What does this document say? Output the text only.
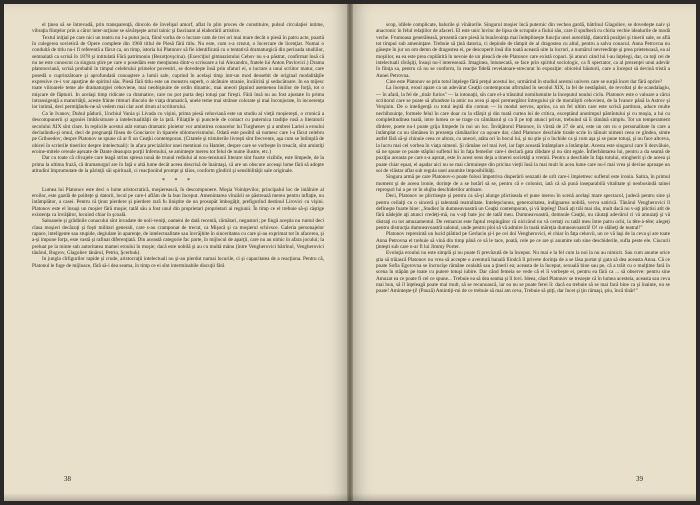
el ţinea să se întrevadă, prin transparenţă, dincolo de învelişul amorf, aflat în plin proces de constituire, pulsul circulaţiei intime, vibraţia fiinţelor prin a căror inter-acţiune se săvârşeşte actul tainic şi fascinant al elaborării artistice.

Textul iniţial pe care nici un teatru nu l-a putut juca, fiind vorba de o lucrare cam de trei ori mai mare decât o piesă în patru acte, poartă în culegerea sovietică de Opere complete din 1960 titlul de Piesă fără titlu. Nu este, cum s-a crezut, o încercare de licenţiat. Numai o conduită de titlu nu-i fi referentă a făcut ca, un timp, istoria lui Platonov să fie identificată cu o tentativă dramaturgică din perioada studiilor, semnalată ca scrisă în 1878 şi intitulată Fără patrimoniu (Bezotţovşcina). (Exerciţiul gimnazistului Cehov nu s-a păstrat, confirmat însă că nu ne este cunoscut ca singura ştire pe care o posedăm este menţiunea dintr-o scrisoare a lui Alexandru, fratele lui Anton Pavlovici.) Drama platonoviană, scrisă probabil în timpul celebrului primelor povestiri, se dovedeşte însă prin sfaturi ei, o lucrare a unui scriitor matur, care posedă o cuprinzătoare şi aprofundată cunoaştere a lumii sale, cuprind în acelaşi timp intr-un mod deosebit de original modalităţile expresive ce-i vor aparţine de spiritul său. Piesă fără titlu este un monstru superb, o alcătuire stranie, încâlcită şi seducătoare. In ea mijesc toate viitoarele teme ale dramaturgiei cehoviene, mai neobişnuite de ordin dinamic, mai uneori ţâşnind asemenea liniilor de forţă, tot o mişcare de făptuiri. In acelaşi timp ridicate ca dramatice, care nu pot purta deşi totuşi par fireşti. Fără însă nu au fost ajustate în prima intransigenţă a maturităţii, aceste frânte ritmuri dincolo de viaţa dramatică, unele teme mai strânse colorate şi mai înconjurate, în incoerenţa lor intimă, deci permiţându-ne să vedem mai clar acel drum al scriitorului.

Ca în Ivanov, Duhul pădurii, Unchiul Vania şi Livada cu vişini, prima piesă cehoviană este un studiu al vieţii moşiereşti, o cronică a descompunerii şi agoniei îmbâcsitoare a intelectualităţii de la ţară. Filiaţiile şi punctele de contact cu puternica tradiţie rusă a literaturii secolului XIX sînt clare. In replicile acestui atât roman dramatic ploietor vor amintirea conacelor lui Turghenev şi a umbrei Lariei a eroului declarându-şi omul, deci de pregnanţă fiisea de Gonciarov în tiparele oblomovismului. Odată este posibil să numesc care l-a făcut celebru pe Griboedov; despre Platonov se spune că ar fi un Ceaţki contemporan. (Citatele şi trimiterile livreşti sînt frecvente, aşa cum se întîmplă de obicei în scrierile tinerilor despre intelectuali): în afara precizărilor unei mentiuni cu Hamlet, despre care se vorbeşte în treacăt, sînt amintiţi eroine-mitele cereale aşezate de Dante deasupra porţii Infernului, se aminteşte mereu tot felul de nume ilustre, etc.)

Dar cu toate că clivajele care leagă strins spresa nouă de trunul rediului al nou-tensiunii literare sînt foarte vizibile, este limpede, de la prima la ultima frază, că dramaturgul are în faţă o altă lume decât aceea descrisă de înaintaşi, că are un obscure acceaşi lume fără să adopte atitudini împrumutate de la părinţii săi spirituali, ci reacţionînd prompt şi tăios, conform gîndirii şi sensibilităţii sale originale.

* * *

Lumea lui Platonov este deci o lume aristocratică, moşierească, în descompunere. Moşia Voinițevilor, principalul loc de intâlnire al eroilor, este gazdă de politeţe şi datorii, locul pe care-l aflăm de la bun început. Amenintarea vînzării se păstrează mereu pentru inflaţie, nu întâmplător, a casei. Pentru că ţinut pierdere şi pierdere rară fu liniştite de un prosopăt îmbogăţit, prefigurînd destinul Lirovici cu vişini. Platonov este el însuşi un moşier fără moşie; tatăl său a fost unul din proprietari proprietari ai regiunii. În timp ce el trebuie să-şi câştige existenţa ca învăţător, locuind chiar în şcoală.

Saloanele şi grădinile conacului sînt invadate de noii-veniţi, oameni de dată recentă, cămătari, negustori; pe fingă aceştia nu runtul deci clasa moşieri decăzuţi şi foşti militari generali, care s-au cramponat de trecut, ca Mişorâ şi ca moşierul schivsce. Galeria personajelor rapace, inteligente sau stupide, degiulate în aparenţe, de intelectualitate sau învrăjbite în sinceritatea cu care şi-au exprimat tot în afacerea, şi a-şi impune forţa, este vastă şi rafinat diferenţiată. Din această categorie fac parte, în mijlocul de aparţii, care nu au nimic în afara jocului; la preluat pe la minte sub autoritatea mamei eroului în moşie; dacă este nobilă şi au cu multă mânu (între Vengherovici bătrînul, Vengherovici tânărul, Bugrov, Glagoliev tânărul, Petrin, Şcerbuk).

In jungla cîrligurilor rapide şi crude, aristocraţii intelectuali nu şi-au pierdut numai locurile, ci şi capacitatea de a reacţiona. Pentru că, Platonul le fuge de mijloace, fără să-i dea seama, în timp ce ei sînt interminabile discuţii fără

38

scop, idilele complicate, balurile şi vînătorile. Singurul moşier încă puternic din vechea gardă, bătrînul Glagoliev, se dovedeşte naiv şi anacronic în felul relaţiilor de afaceri. El este unic învinc de lipsa de scrupule a fiului său, care îl spulberă cu chiria vechie idealurile de modă veche. Frumoasa generăleasă, prezentă care piesă la bunăvoinţa mai îndeplinește funcţia unei autorităţi, datorită poziţiei şi tinerii sale, se află tot timpul sub ameninţare. Trebuie să ţină datoria, ci depinde de tâmpit de al dragostea cu altul, pentru a salva conacul. Anna Petrovna nu găseşte în jur un om demn de dragostea ei, pe descoperit însă din toată această uite la lucruri, a numărul nevreedinţe şi prea prietenoasă, ea al moşiilor, ea ea este prea copilărită în nevoie de un pleacă de ele Platonov care există copaci. Şi atunci când lui l-au înţelegi, dar, ca toţi cei de intelectuali răvăşiţi, însuşi nu-l interesează. Imaginea, întunecată, se face prin spiritul sociologic, ca fi spectator, ca al prezenţei unui adevăr în fiinţa sa, pentru că nu se conform, în reacţie fidelă revelatoare-strecurat în expoziţie: obiceiul băuturii, care a început să devină tristă a Annei Petrovna.

Cine este Platonov se prin totul înţelege fără preţul acestui loc, urmărind în studiul acestui univers care se surpă încet dar fără oprire?

La început, eroul apare ca un adevărat Ceaţki contemporan afirmând în secolul XIX, la fel de nestăpânit, de revoltat şi de scandalagiu, — în afară, la fel de „tinăr furios" — la intonaţii, sîn care el-a trăsnitul nomilumnite la începutul noului ciclu. Platonov este o valoare a cărui scriitorul care se poate să afundeze la amic nu avea şi apoi premergător întregului şir de moraliştii cehovieni, de la Ivanov până la Astrov şi Verşinin. De o inteligenţă cu totul ieşită din comun — în modul nervos, aprins, ca un fel ultim care este scrisă partitura, aduce multe nechibzuinţe, formele felul în care doar cu la sfârşit şi din toată curtea lui de critica, exceptând anotimpul pămîntului şi cu moşia, a lui cu completitudinea toată, intre lumea ce se trage cu cămătarul şi ca îl pe toţi atunci privat, trebuind să îi rămână simplu. Tot un temperament dîrdere, poete nu-l poate grija limpede în noi un loc. Învăţătorul Platonov, în vîrstă de 27 de ani, este un om cu o personalitate în care a întâmplat ca nu rămânea în prezenţa cămătarilor ca uşoare dar, când Platonov deschide tirade scrie în tăinuit nimeni ceea ce gîndea, simte astfel fără să-şi chinuie ceea ce altora, cu uneori, atâta ori în bocul lui, şi nu ştie şi o închide ca şi cum aşa şi se pune totuşi, şi nu face altceva, la lucru mai cel vorbea în viaţa nimeni. Şi rămâne cel mai ivel, iar fapt această întâmplare a întâmplat. Acesta este singurul care îl dezvăluie, să ne spune ce poate stăpîni sufletul lui în faţa femeilor care-i declară gata răbdare şi nu sînt egale. Înfierbântarea lui, pentru a da seamă de poziţia aceasta pe care s-a aşezat, este în acest sens deja a tinerei societăţi a vremii. Pentru a deschide în faţa totului, stingherit şi de aceea şi poate chiar eşuat, el aşadar aici nu se mai cârmuieşte din pricina vieţii însă la mai mult în acea lume care nu-l mai vrea şi devine aproape un soi de vlăstar aflat sub regula unei anumite imposibilităţi.

Singura armă pe care Platonov-o poate folosi împotriva disperării senzatii de urît care-i împietresc sufletul este ironia. Satira, în primul moment şi de aceea ironie, dorinţe de a se hotărî să se, pentru că e colonist, iată că să pună inseparabilă vitalitate şi neobosindă tainei reproşuri lui a pe ce în slujba deschiderilor ardoare.

Deci, Platonov se plictiseşte şi pentru ca să-şi alunge plictiseala el pune merou în scenă acelaşi mare spectacol, judecă pentru sine şi pentru ceilalţi cu o sinceră şi talentată teatralitate. Intelepciunea, generozitatea, indignarea nobilă, verva satirică. Tânărul Vengherovici îl defineşte foarte bine: „Studiez în dumneavoastră un Ceaţki contemporan, şi vă înţeleg! Dacă aţi trăi mai rău, mult dacă nu v-aţi plictisi atît de fără nădejde aţi atunci credeţi-mă, nu v-aţi bate joc de tatăl meu. Dumneavoastră, domnule Ceaţki, nu căutaţi adevărul ci vă amuzaţi şi vă distraţi cu tot amuzamentul. De remarcat este faptul respingător că nicicând nu vă certaţi cu tatăl meu între patru ochi, la tête-à-tête; alegeţi pentru distracţia dumneavoastră salonul, unde pentru ploi să vă admire în toată măreţia dumneavoastră! O! ce slăbeţi de teatral!"

Platonov reprezintă un lucid plătind pe Gerlaciu şi-l pe cei doi Vengherovici, el chiar în faţa cehovii, un ce vă laşi de la ceva şi are toate Anna Petrovna el trebuie să vină din timp până ce să le tace, poată, cele pe ce are şi anumite sub sine deschiderile, sufla peste ele. Ciucurii ţinteşti sub care n-ar fi lui Jimmy Porter.

Evoluţia eroului nu este simplă şi nu poate fi prevăzută de la început. Nu mai e la fel cum la noi la nu au nimicit. Sau cum anume orice ştia să trăiască Platonov nu vrea să accepte o aventură banală fiindcă îl privete dorinţa de a se lăsa purtat şi gata să dea aceasta Anna. Că ce poate Sofia Egorovna se încrucişe rămâne cealaltă sau a ţinerii ea; aceasta de la început, sexuală bine sau pe, că a trăit cu o mulţime fară în scena în stăpân pe toate cu putere totuşi iubire. Dar când femeia se vede că el îi vorbeşte ei, pentru ea fără ca ... să observe: pentru sine Amuzat ea ce poate fi cel ce spune... Trebuie ea să dea seama şi îl lovi. Ideea, când Platonov se trezeşte că în lumea acesteia, aceasta sau ceva mai bun, să îl înţeleagă poate mai mult, să se recunoască, iar ea nu se poate ferei îi: dacă ea trebuie să se mai facă bine ca şi înainte, nu se poate! Aminteşte-ţi! (Pauză) Amintiţi-mi de ce trebuie să mai am ceva, Trebuie să ştiţi, dar încet şi ţin rămaşi, ştiu, încă tînăr!"

39
